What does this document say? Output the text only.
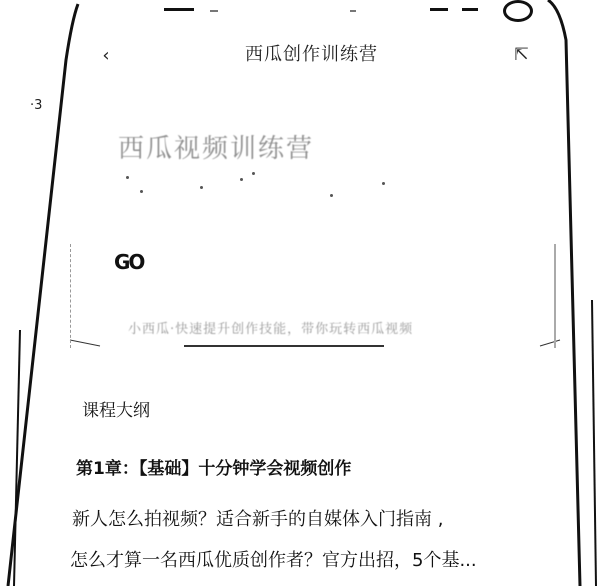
‹	西瓜创作训练营	⇱
·3
西瓜视频训练营
GO
小西瓜·快速提升创作技能，带你玩转西瓜视频
课程大纲
第1章：【基础】十分钟学会视频创作
新人怎么拍视频？适合新手的自媒体入门指南 ,
怎么才算一名西瓜优质创作者？官方出招，5个基...
